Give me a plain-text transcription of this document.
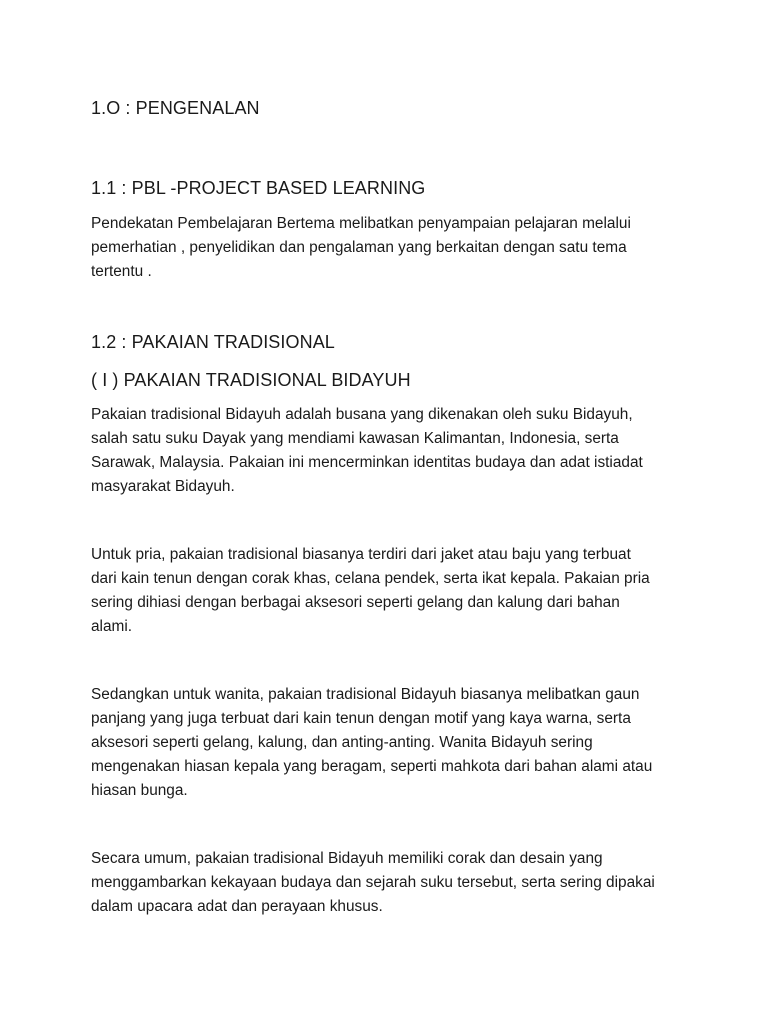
1.O : PENGENALAN
1.1 : PBL -PROJECT BASED LEARNING

Pendekatan Pembelajaran Bertema melibatkan penyampaian pelajaran melalui
pemerhatian , penyelidikan dan pengalaman yang berkaitan dengan satu tema
tertentu .

1.2 : PAKAIAN TRADISIONAL
( I ) PAKAIAN TRADISIONAL BIDAYUH

Pakaian tradisional Bidayuh adalah busana yang dikenakan oleh suku Bidayuh,
salah satu suku Dayak yang mendiami kawasan Kalimantan, Indonesia, serta
Sarawak, Malaysia. Pakaian ini mencerminkan identitas budaya dan adat istiadat
masyarakat Bidayuh.

Untuk pria, pakaian tradisional biasanya terdiri dari jaket atau baju yang terbuat
dari kain tenun dengan corak khas, celana pendek, serta ikat kepala. Pakaian pria
sering dihiasi dengan berbagai aksesori seperti gelang dan kalung dari bahan
alami.

Sedangkan untuk wanita, pakaian tradisional Bidayuh biasanya melibatkan gaun
panjang yang juga terbuat dari kain tenun dengan motif yang kaya warna, serta
aksesori seperti gelang, kalung, dan anting-anting. Wanita Bidayuh sering
mengenakan hiasan kepala yang beragam, seperti mahkota dari bahan alami atau
hiasan bunga.

Secara umum, pakaian tradisional Bidayuh memiliki corak dan desain yang
menggambarkan kekayaan budaya dan sejarah suku tersebut, serta sering dipakai
dalam upacara adat dan perayaan khusus.
